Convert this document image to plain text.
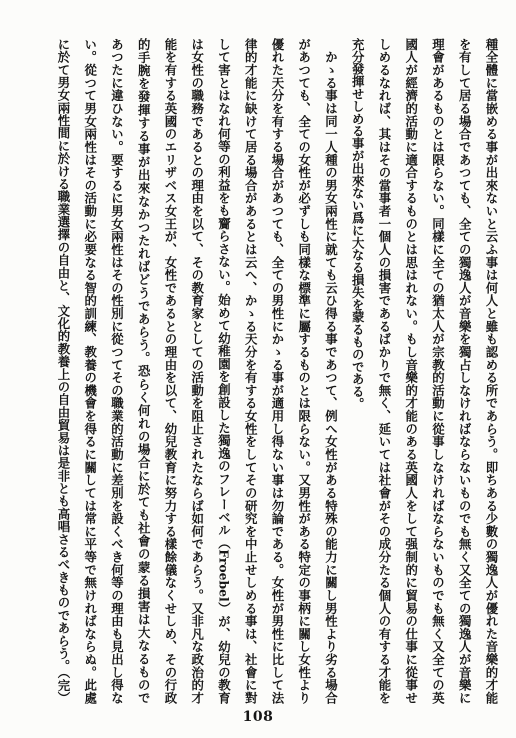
種全體に當嵌める事が出來ないと云ふ事は何人と雖も認める所であらう。即ちある少數の獨逸人が優れた音樂的才能
を有して居る場合であつても、全ての獨逸人が音樂を獨占しなければならないものでも無く又全ての獨逸人が音樂に
理會があるものとは限らない。同樣に全ての猶太人が宗教的活動に從事しなければならないものでも無く又全ての英
國人が經濟的活動に適合するものとは思はれない。もし音樂的才能のある英國人をして强制的に貿易の仕事に從事せ
しめるなれば、其はその當事者一個人の損害であるばかりで無く、延いては社會がその成分たる個人の有する才能を
充分發揮せしめる事が出來ない爲に大なる損失を蒙るものである。
　かゝる事は同一人種の男女兩性に就ても云ひ得る事であつて、例へ女性がある特殊の能力に關し男性より劣る場合
があつても、全ての女性が必ずしも同樣な標準に屬するものとは限らない。又男性がある特定の事柄に關し女性より
優れた天分を有する場合があつても、全ての男性にかゝる事が適用し得ない事は勿論である。女性が男性に比して法
律的才能に缺けて居る場合があるとは云へ、かゝる天分を有する女性をしてその研究を中止せしめる事は、社會に對
して害とはなれ何等の利益をも齎らさない。始めて幼稚園を創設した獨逸のフレーベル（Froebel）が、幼兒の教育
は女性の職務であるとの理由を以て、その教育家としての活動を阻止されたならば如何であらう。又非凡な政治的才
能を有する英國のエリザベス女王が、女性であるとの理由を以て、幼兒教育に努力する樣餘儀なくせしめ、その行政
的手腕を發揮する事が出來なかつたればどうであらう。恐らく何れの場合に於ても社會の蒙る損害は大なるもので
あつたに違ひない。要するに男女兩性はその性別に從つてその職業的活動に差別を設くべき何等の理由も見出し得な
い。從つて男女兩性はその活動に必要なる智的訓練、教養の機會を得るに關しては常に平等で無ければならぬ。此處
に於て男女兩性間に於ける職業選擇の自由と、文化的教養上の自由貿易は是非とも高唱さるべきものであらう。（完）
108
